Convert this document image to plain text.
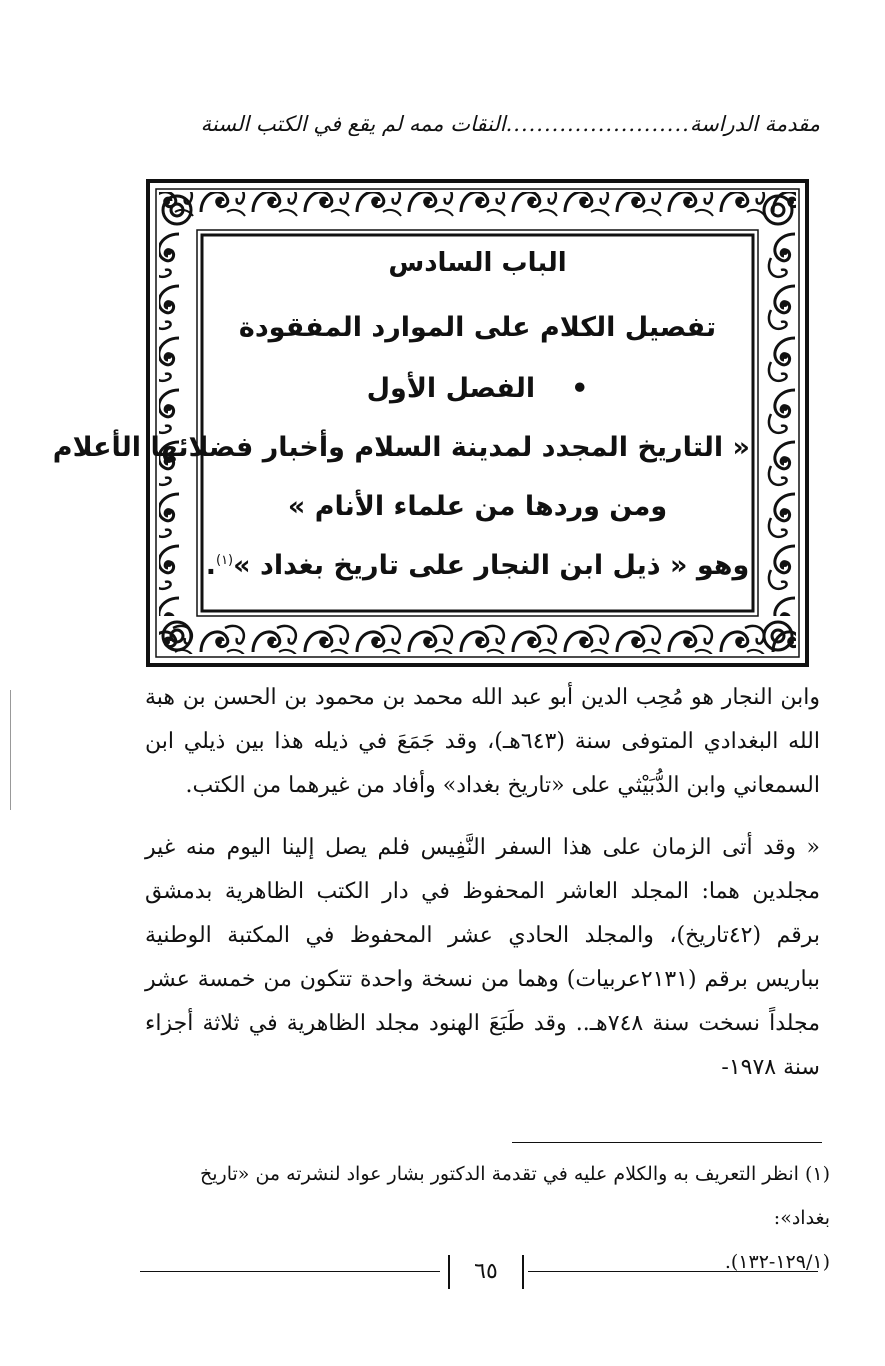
مقدمة الدراسة
........................
النقات ممه لم يقع في الكتب السنة
الباب السادس
تفصيل الكلام على الموارد المفقودة
•الفصل الأول
« التاريخ المجدد لمدينة السلام وأخبار فضلائها الأعلام
ومن وردها من علماء الأنام »
وهو « ذيل ابن النجار على تاريخ بغداد »$^{(١)}$.

وابن النجار هو مُحِب الدين أبو عبد الله محمد بن محمود بن الحسن بن هبة الله البغدادي المتوفى سنة (٦٤٣هـ)، وقد جَمَعَ في ذيله هذا بين ذيلي ابن السمعاني وابن الدُّبَيْثي على «تاريخ بغداد» وأفاد من غيرهما من الكتب.

« وقد أتى الزمان على هذا السفر النَّفِيس فلم يصل إلينا اليوم منه غير مجلدين هما: المجلد العاشر المحفوظ في دار الكتب الظاهرية بدمشق برقم (٤٢تاريخ)، والمجلد الحادي عشر المحفوظ في المكتبة الوطنية بباريس برقم (٢١٣١عربيات) وهما من نسخة واحدة تتكون من خمسة عشر مجلداً نسخت سنة ٧٤٨هـ.. وقد طَبَعَ الهنود مجلد الظاهرية في ثلاثة أجزاء سنة ١٩٧٨-

(١) انظر التعريف به والكلام عليه في تقدمة الدكتور بشار عواد لنشرته من «تاريخ بغداد»:

(١٢٩/١-١٣٢).

٦٥
